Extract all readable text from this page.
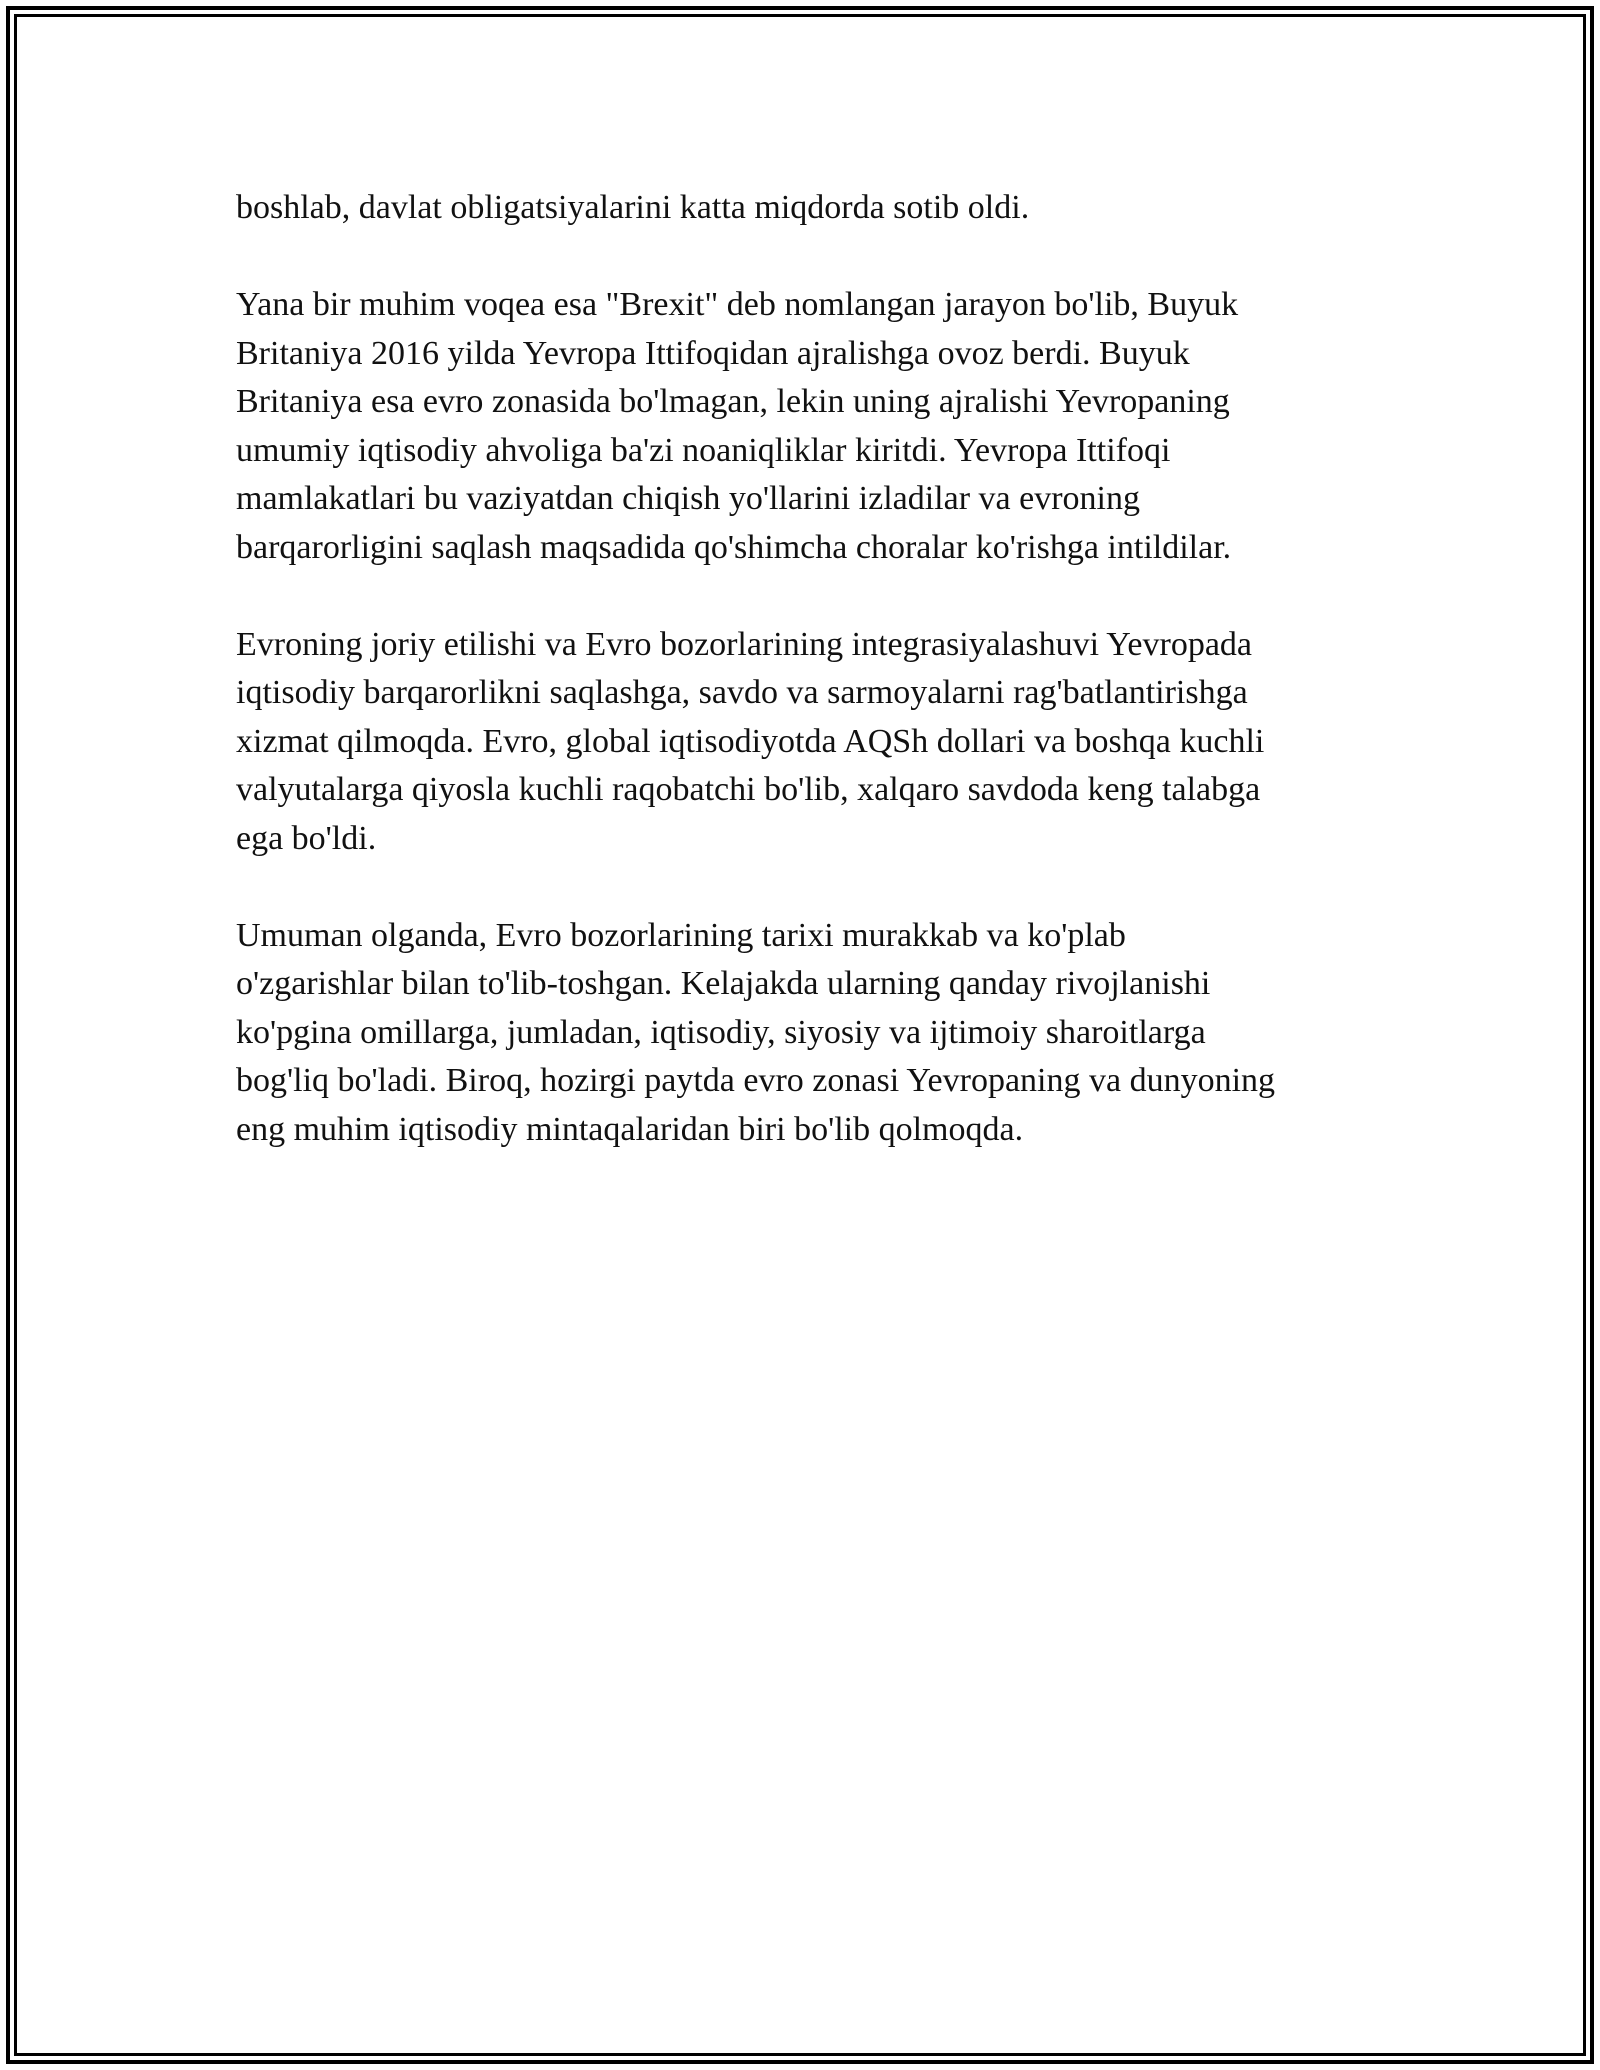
boshlab, davlat obligatsiyalarini katta miqdorda sotib oldi.

Yana bir muhim voqea esa "Brexit" deb nomlangan jarayon bo'lib, Buyuk
Britaniya 2016 yilda Yevropa Ittifoqidan ajralishga ovoz berdi. Buyuk
Britaniya esa evro zonasida bo'lmagan, lekin uning ajralishi Yevropaning
umumiy iqtisodiy ahvoliga ba'zi noaniqliklar kiritdi. Yevropa Ittifoqi
mamlakatlari bu vaziyatdan chiqish yo'llarini izladilar va evroning
barqarorligini saqlash maqsadida qo'shimcha choralar ko'rishga intildilar.

Evroning joriy etilishi va Evro bozorlarining integrasiyalashuvi Yevropada
iqtisodiy barqarorlikni saqlashga, savdo va sarmoyalarni rag'batlantirishga
xizmat qilmoqda. Evro, global iqtisodiyotda AQSh dollari va boshqa kuchli
valyutalarga qiyosla kuchli raqobatchi bo'lib, xalqaro savdoda keng talabga
ega bo'ldi.

Umuman olganda, Evro bozorlarining tarixi murakkab va ko'plab
o'zgarishlar bilan to'lib-toshgan. Kelajakda ularning qanday rivojlanishi
ko'pgina omillarga, jumladan, iqtisodiy, siyosiy va ijtimoiy sharoitlarga
bog'liq bo'ladi. Biroq, hozirgi paytda evro zonasi Yevropaning va dunyoning
eng muhim iqtisodiy mintaqalaridan biri bo'lib qolmoqda.
